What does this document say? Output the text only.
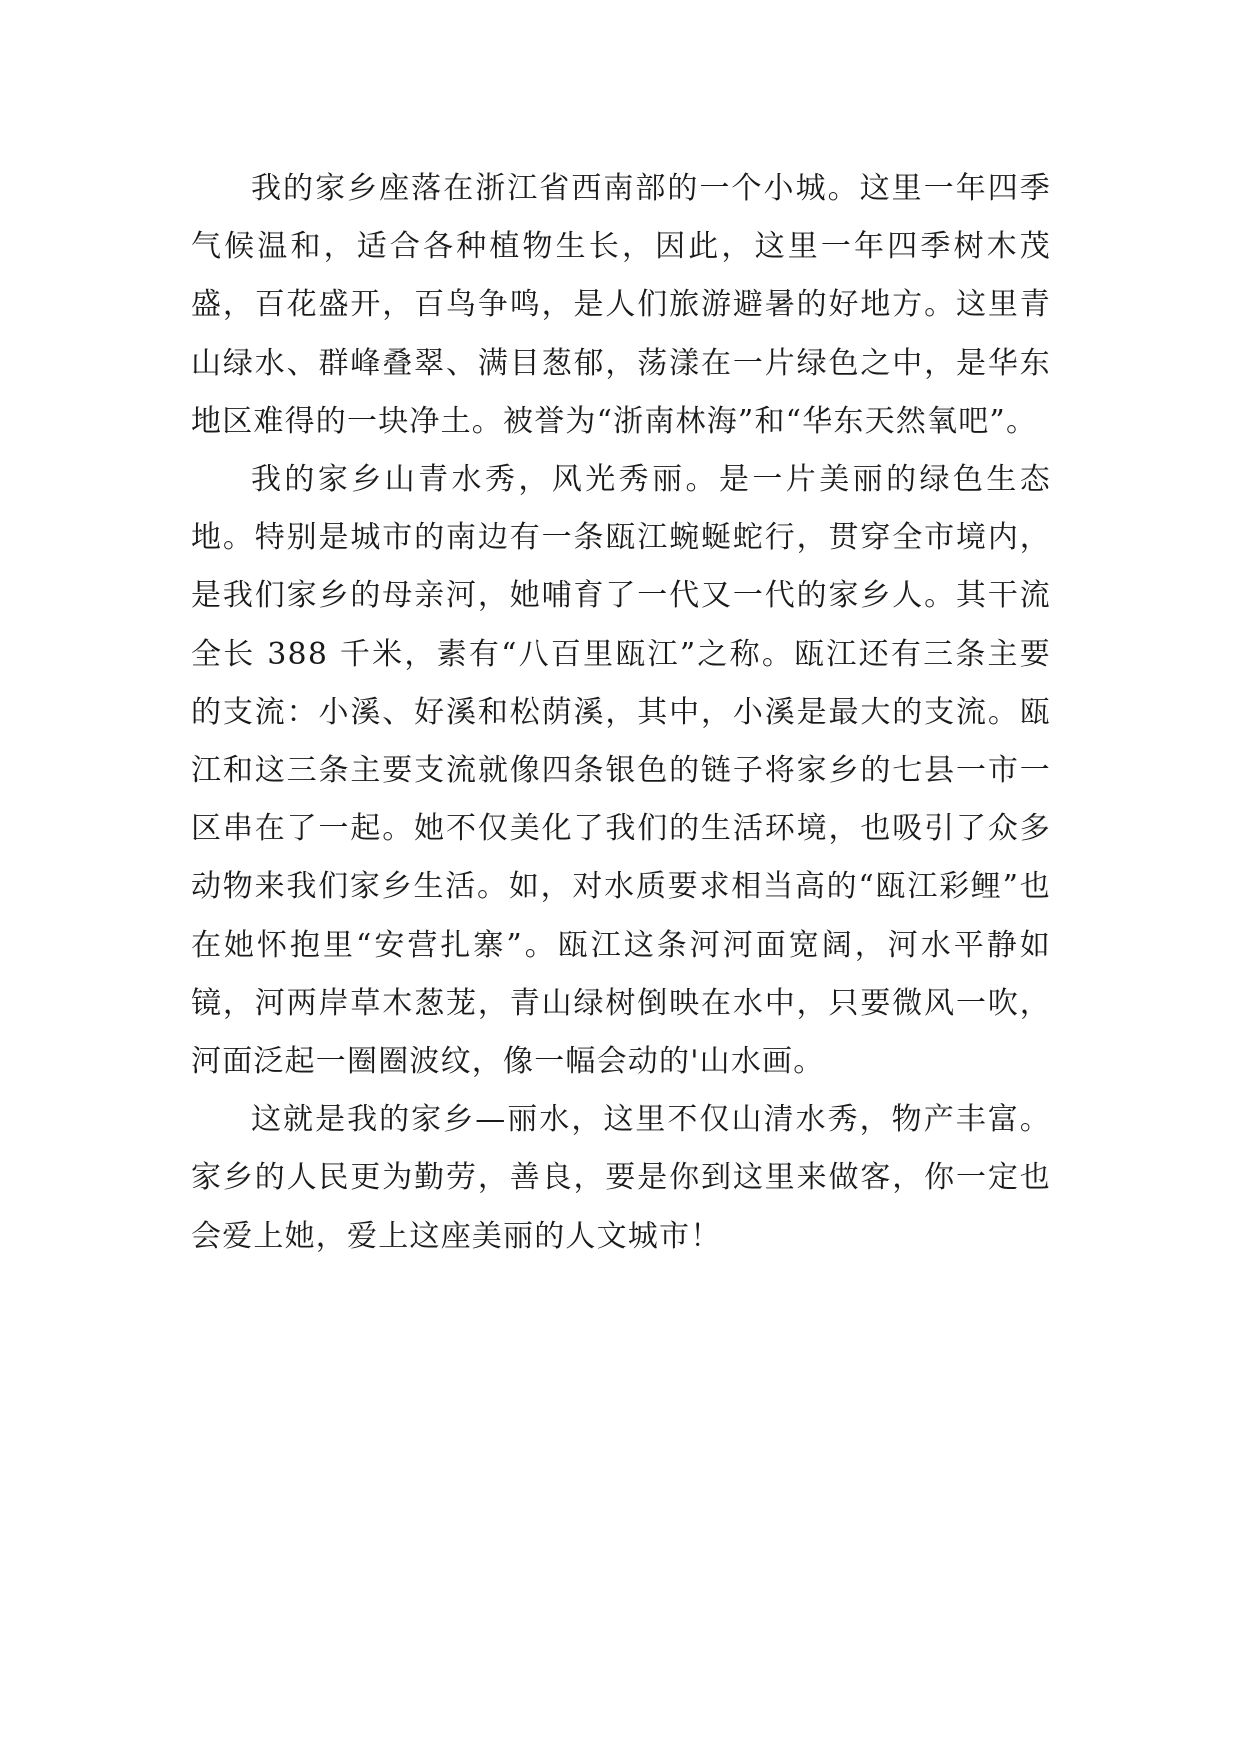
我的家乡座落在浙江省西南部的一个小城。这里一年四季气候温和，适合各种植物生长，因此，这里一年四季树木茂盛，百花盛开，百鸟争鸣，是人们旅游避暑的好地方。这里青山绿水、群峰叠翠、满目葱郁，荡漾在一片绿色之中，是华东地区难得的一块净土。被誉为“浙南林海”和“华东天然氧吧”。

我的家乡山青水秀，风光秀丽。是一片美丽的绿色生态地。特别是城市的南边有一条瓯江蜿蜒蛇行，贯穿全市境内，是我们家乡的母亲河，她哺育了一代又一代的家乡人。其干流全长 388 千米，素有“八百里瓯江”之称。瓯江还有三条主要的支流：小溪、好溪和松荫溪，其中，小溪是最大的支流。瓯江和这三条主要支流就像四条银色的链子将家乡的七县一市一区串在了一起。她不仅美化了我们的生活环境，也吸引了众多动物来我们家乡生活。如，对水质要求相当高的“瓯江彩鲤”也在她怀抱里“安营扎寨”。瓯江这条河河面宽阔，河水平静如镜，河两岸草木葱茏，青山绿树倒映在水中，只要微风一吹，河面泛起一圈圈波纹，像一幅会动的'山水画。

这就是我的家乡—丽水，这里不仅山清水秀，物产丰富。家乡的人民更为勤劳，善良，要是你到这里来做客，你一定也会爱上她，爱上这座美丽的人文城市！
